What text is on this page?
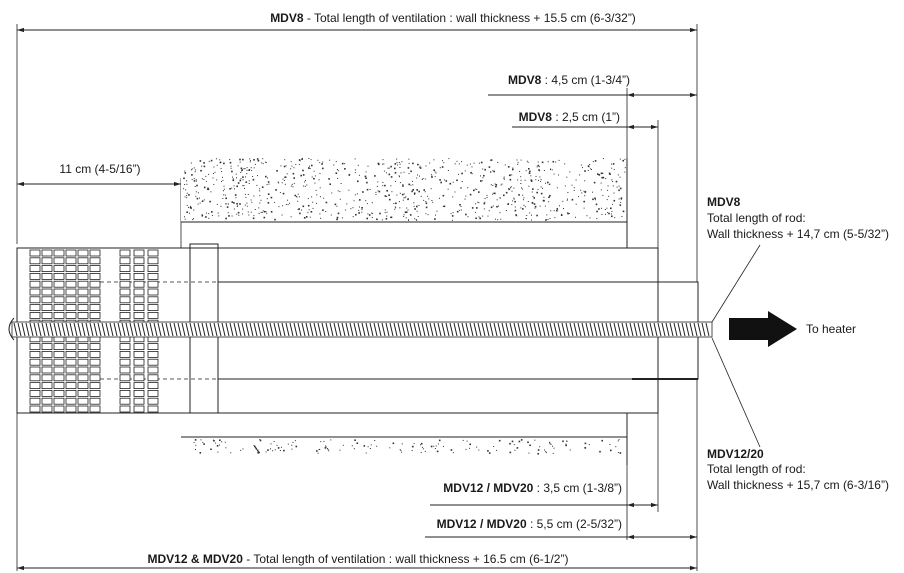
MDV8 - Total length of ventilation : wall thickness + 15.5 cm (6-3/32”)
MDV8 : 4,5 cm (1-3/4”)
MDV8 : 2,5 cm (1”)
11 cm (4-5/16”)
To heater
MDV8
Total length of rod:
Wall thickness + 14,7 cm (5-5/32”)
MDV12/20
Total length of rod:
Wall thickness + 15,7 cm (6-3/16”)
MDV12 / MDV20 : 3,5 cm (1-3/8”)
MDV12 / MDV20 : 5,5 cm (2-5/32”)
MDV12 & MDV20 - Total length of ventilation : wall thickness + 16.5 cm (6-1/2”)
